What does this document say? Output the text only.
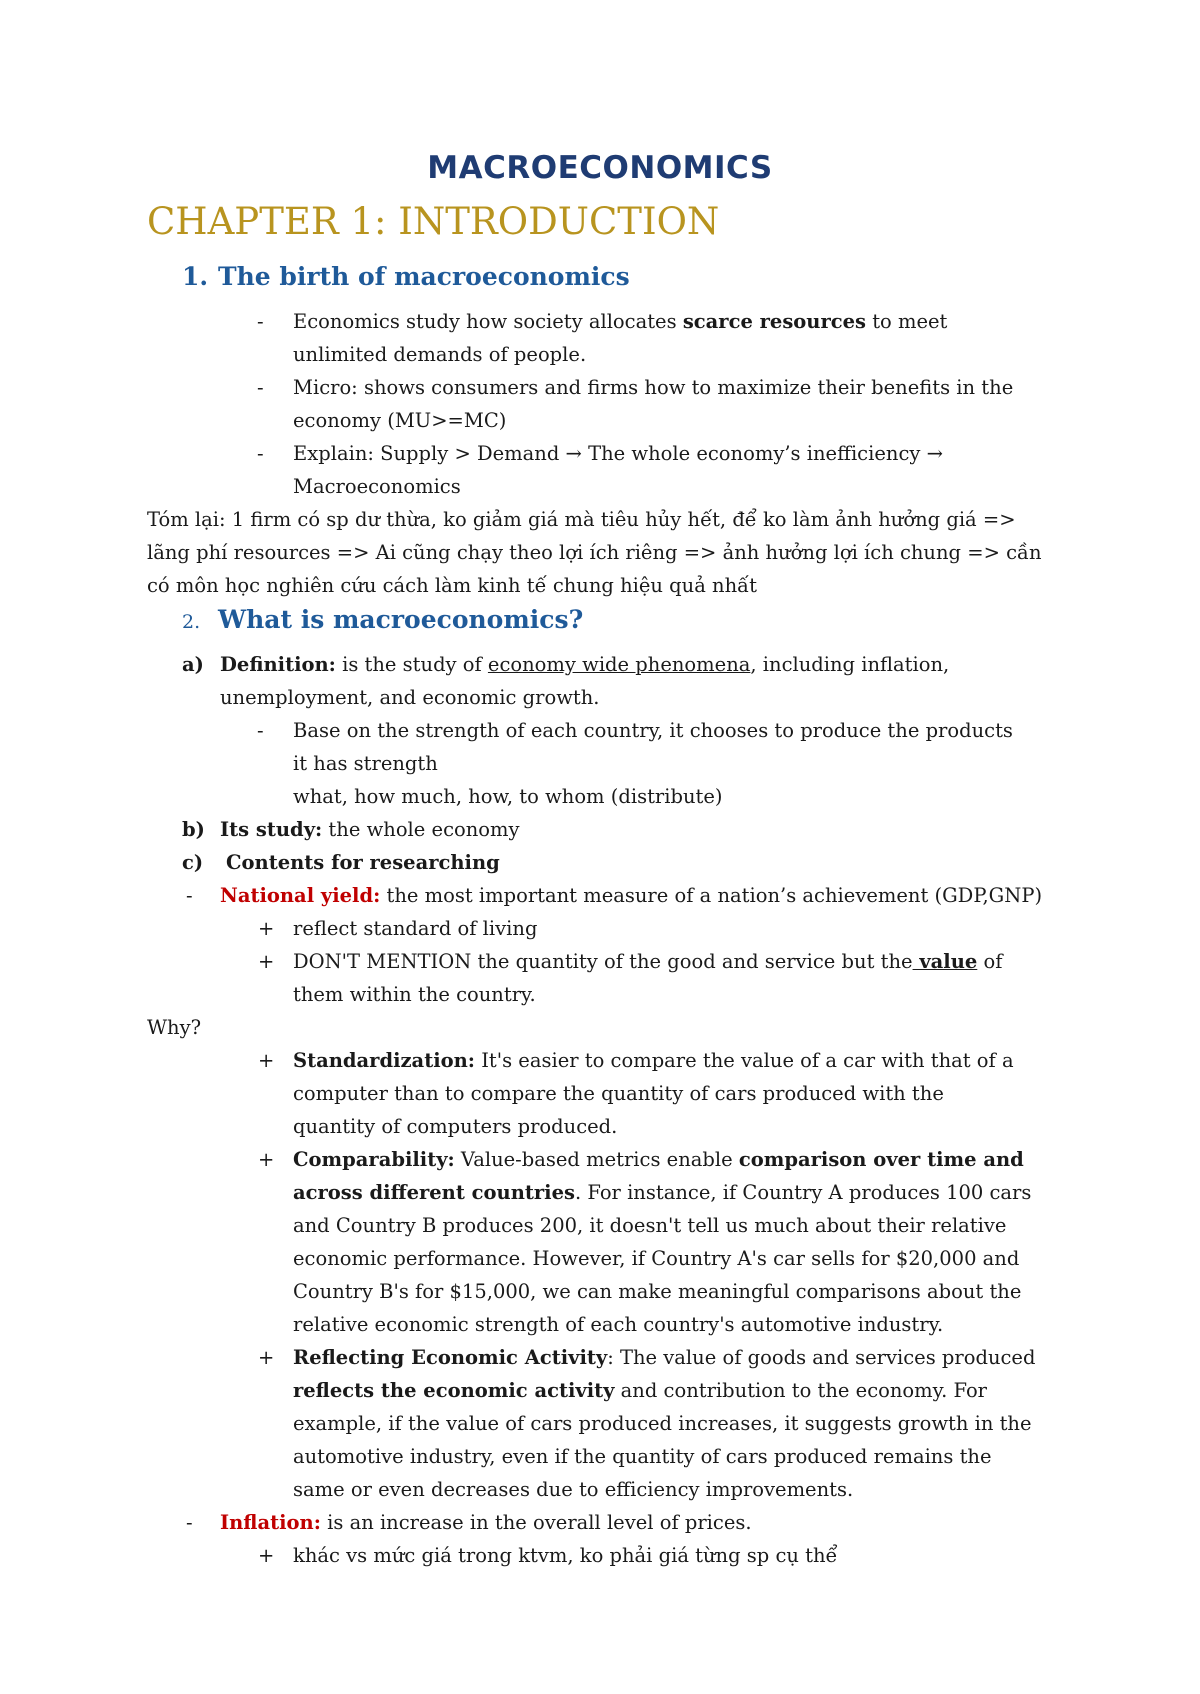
MACROECONOMICS
CHAPTER 1: INTRODUCTION
1. The birth of macroeconomics
- Economics study how society allocates scarce resources to meet
unlimited demands of people.
- Micro: shows consumers and firms how to maximize their benefits in the
economy (MU>=MC)
- Explain: Supply > Demand → The whole economy’s inefficiency →
Macroeconomics
Tóm lại: 1 firm có sp dư thừa, ko giảm giá mà tiêu hủy hết, để ko làm ảnh hưởng giá =>
lãng phí resources => Ai cũng chạy theo lợi ích riêng => ảnh hưởng lợi ích chung => cần
có môn học nghiên cứu cách làm kinh tế chung hiệu quả nhất
2. What is macroeconomics?
a) Definition: is the study of economy wide phenomena, including inflation,
unemployment, and economic growth.
- Base on the strength of each country, it chooses to produce the products
it has strength
what, how much, how, to whom (distribute)
b) Its study: the whole economy
c) Contents for researching
- National yield: the most important measure of a nation’s achievement (GDP,GNP)
+ reflect standard of living
+ DON'T MENTION the quantity of the good and service but the value of
them within the country.
Why?
+ Standardization: It's easier to compare the value of a car with that of a
computer than to compare the quantity of cars produced with the
quantity of computers produced.
+ Comparability: Value-based metrics enable comparison over time and
across different countries. For instance, if Country A produces 100 cars
and Country B produces 200, it doesn't tell us much about their relative
economic performance. However, if Country A's car sells for $20,000 and
Country B's for $15,000, we can make meaningful comparisons about the
relative economic strength of each country's automotive industry.
+ Reflecting Economic Activity: The value of goods and services produced
reflects the economic activity and contribution to the economy. For
example, if the value of cars produced increases, it suggests growth in the
automotive industry, even if the quantity of cars produced remains the
same or even decreases due to efficiency improvements.
- Inflation: is an increase in the overall level of prices.
+ khác vs mức giá trong ktvm, ko phải giá từng sp cụ thể
